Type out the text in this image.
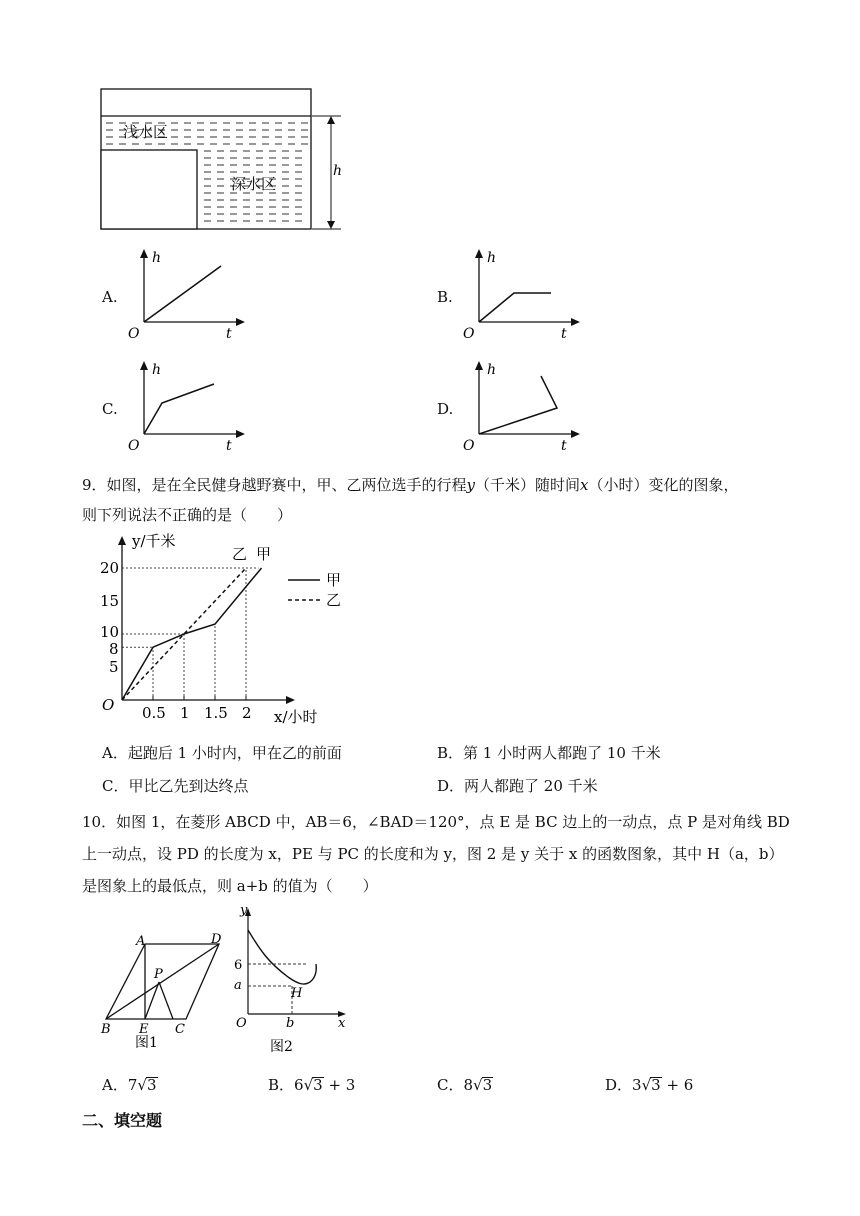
浅水区
深水区
h
A.
h
O	t
B.
h
O	t
C.
h
O	t
D.
h
O	t
9．如图，是在全民健身越野赛中，甲、乙两位选手的行程y（千米）随时间x（小时）变化的图象，
则下列说法不正确的是（　　）
0.5 1 1.5 2
5
8
10
15
20
y/千米
x/小时
O
乙 甲
甲
乙
A．起跑后 1 小时内，甲在乙的前面	B．第 1 小时两人都跑了 10 千米
C．甲比乙先到达终点	D．两人都跑了 20 千米
10．如图 1，在菱形 ABCD 中，AB＝6，∠BAD＝120°，点 E 是 BC 边上的一动点，点 P 是对角线 BD
上一动点，设 PD 的长度为 x，PE 与 PC 的长度和为 y，图 2 是 y 关于 x 的函数图象，其中 H（a，b）
是图象上的最低点，则 a+b 的值为（　　）
A	D
P
B E C
图1
y
6
a
H
O	b	x
图2
A．7√3	B．6√3 + 3	C．8√3	D．3√3 + 6
二、填空题
